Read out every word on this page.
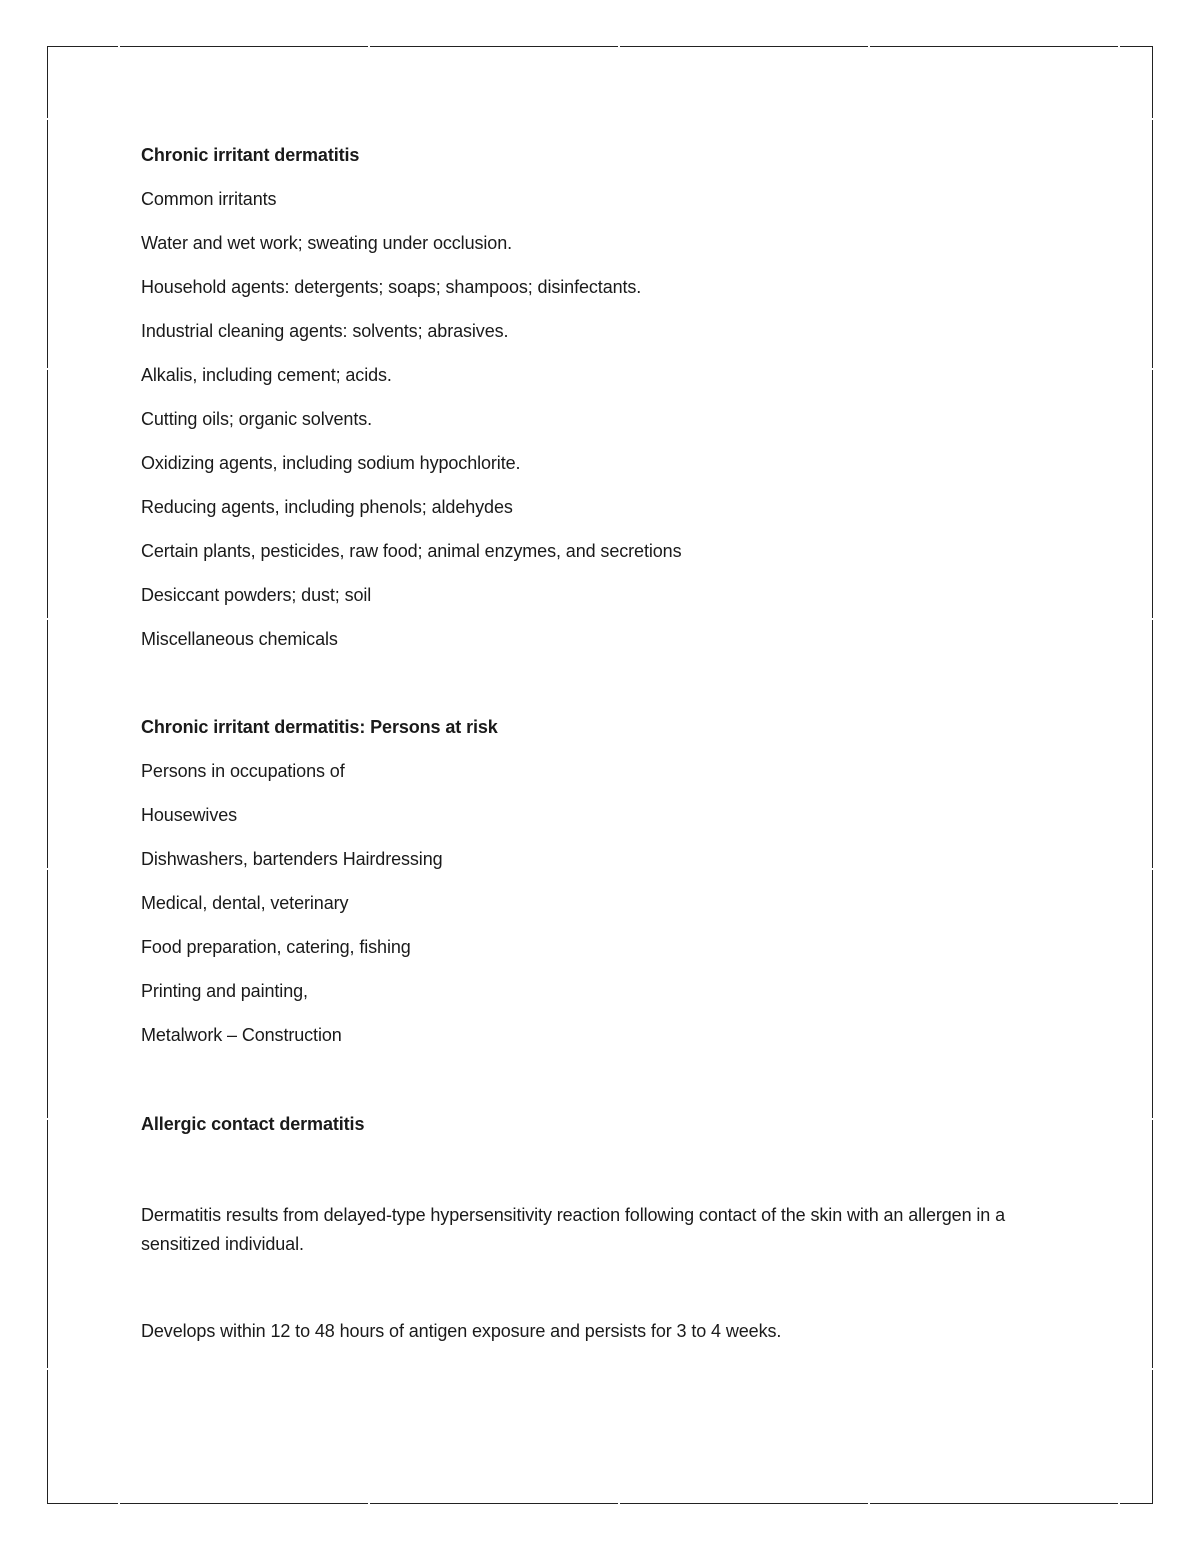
Chronic irritant dermatitis

Common irritants

Water and wet work; sweating under occlusion.

Household agents: detergents; soaps; shampoos; disinfectants.

Industrial cleaning agents: solvents; abrasives.

Alkalis, including cement; acids.

Cutting oils; organic solvents.

Oxidizing agents, including sodium hypochlorite.

Reducing agents, including phenols; aldehydes

Certain plants, pesticides, raw food; animal enzymes, and secretions

Desiccant powders; dust; soil

Miscellaneous chemicals

Chronic irritant dermatitis: Persons at risk

Persons in occupations of

Housewives

Dishwashers, bartenders Hairdressing

Medical, dental, veterinary

Food preparation, catering, fishing

Printing and painting,

Metalwork – Construction

Allergic contact dermatitis

Dermatitis results from delayed-type hypersensitivity reaction following contact of the skin with an allergen in a sensitized individual.

Develops within 12 to 48 hours of antigen exposure and persists for 3 to 4 weeks.
